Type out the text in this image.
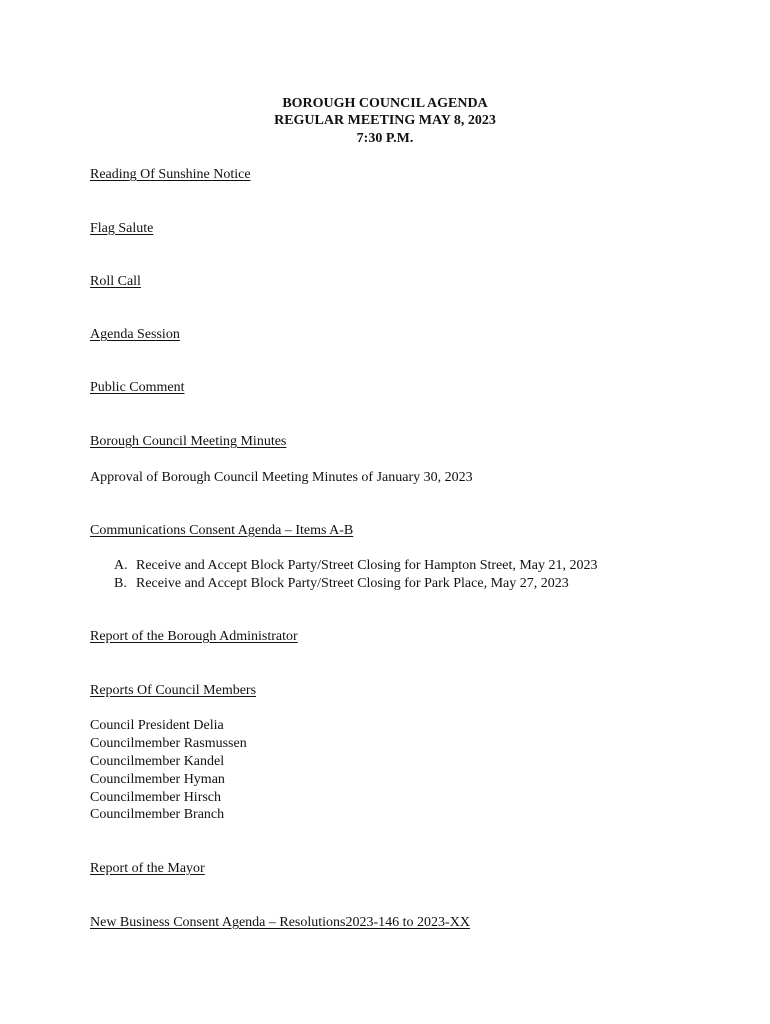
BOROUGH COUNCIL AGENDA
REGULAR MEETING MAY 8, 2023
7:30 P.M.
Reading Of Sunshine Notice
Flag Salute
Roll Call
Agenda Session
Public Comment
Borough Council Meeting Minutes
Approval of Borough Council Meeting Minutes of January 30, 2023
Communications Consent Agenda – Items A-B
A. Receive and Accept Block Party/Street Closing for Hampton Street, May 21, 2023
B. Receive and Accept Block Party/Street Closing for Park Place, May 27, 2023
Report of the Borough Administrator
Reports Of Council Members
Council President Delia
Councilmember Rasmussen
Councilmember Kandel
Councilmember Hyman
Councilmember Hirsch
Councilmember Branch
Report of the Mayor
New Business Consent Agenda – Resolutions2023-146 to 2023-XX
